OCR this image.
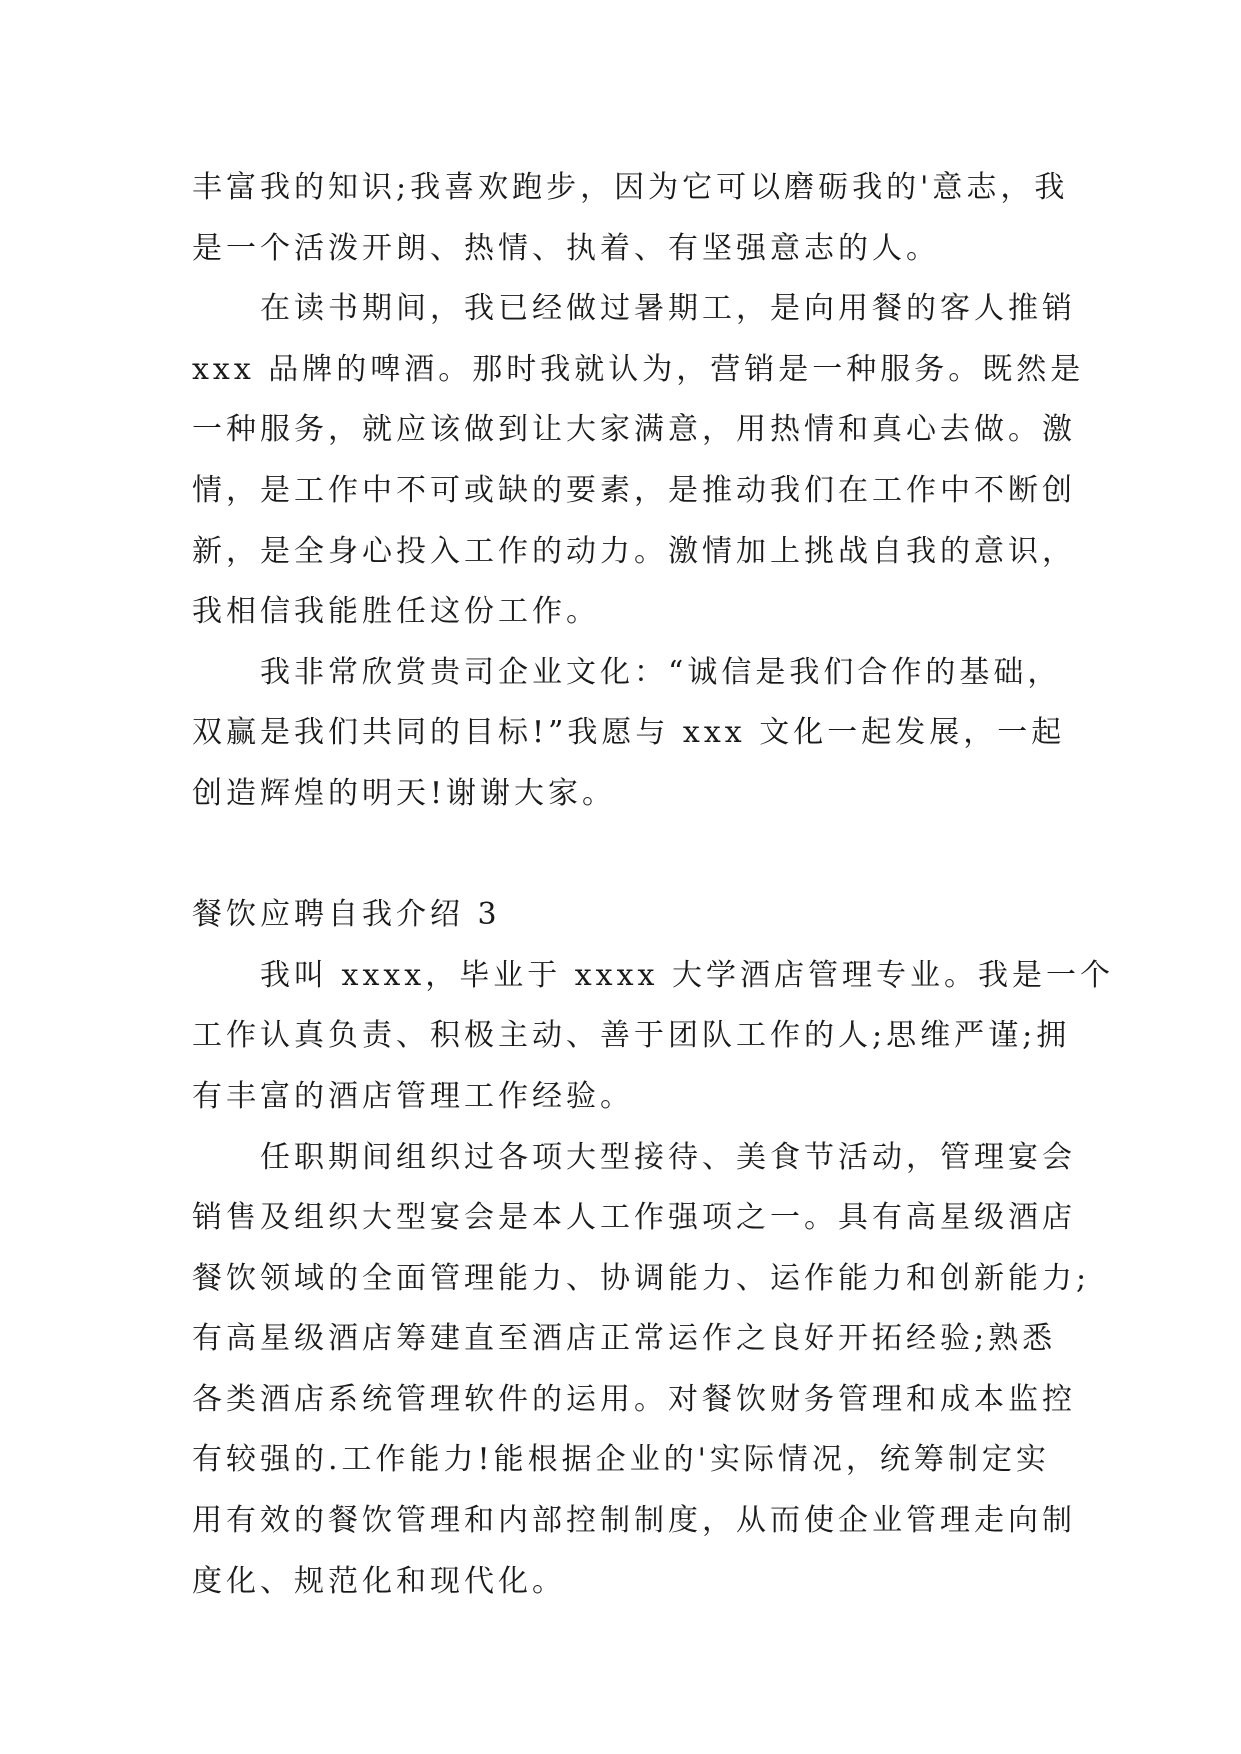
丰富我的知识;我喜欢跑步，因为它可以磨砺我的'意志，我
是一个活泼开朗、热情、执着、有坚强意志的人。
　　在读书期间，我已经做过暑期工，是向用餐的客人推销
xxx 品牌的啤酒。那时我就认为，营销是一种服务。既然是
一种服务，就应该做到让大家满意，用热情和真心去做。激
情，是工作中不可或缺的要素，是推动我们在工作中不断创
新，是全身心投入工作的动力。激情加上挑战自我的意识，
我相信我能胜任这份工作。
　　我非常欣赏贵司企业文化：“诚信是我们合作的基础，
双赢是我们共同的目标!”我愿与 xxx 文化一起发展，一起
创造辉煌的明天!谢谢大家。
餐饮应聘自我介绍 3
　　我叫 xxxx，毕业于 xxxx 大学酒店管理专业。我是一个
工作认真负责、积极主动、善于团队工作的人;思维严谨;拥
有丰富的酒店管理工作经验。
　　任职期间组织过各项大型接待、美食节活动，管理宴会
销售及组织大型宴会是本人工作强项之一。具有高星级酒店
餐饮领域的全面管理能力、协调能力、运作能力和创新能力;
有高星级酒店筹建直至酒店正常运作之良好开拓经验;熟悉
各类酒店系统管理软件的运用。对餐饮财务管理和成本监控
有较强的.工作能力!能根据企业的'实际情况，统筹制定实
用有效的餐饮管理和内部控制制度，从而使企业管理走向制
度化、规范化和现代化。
